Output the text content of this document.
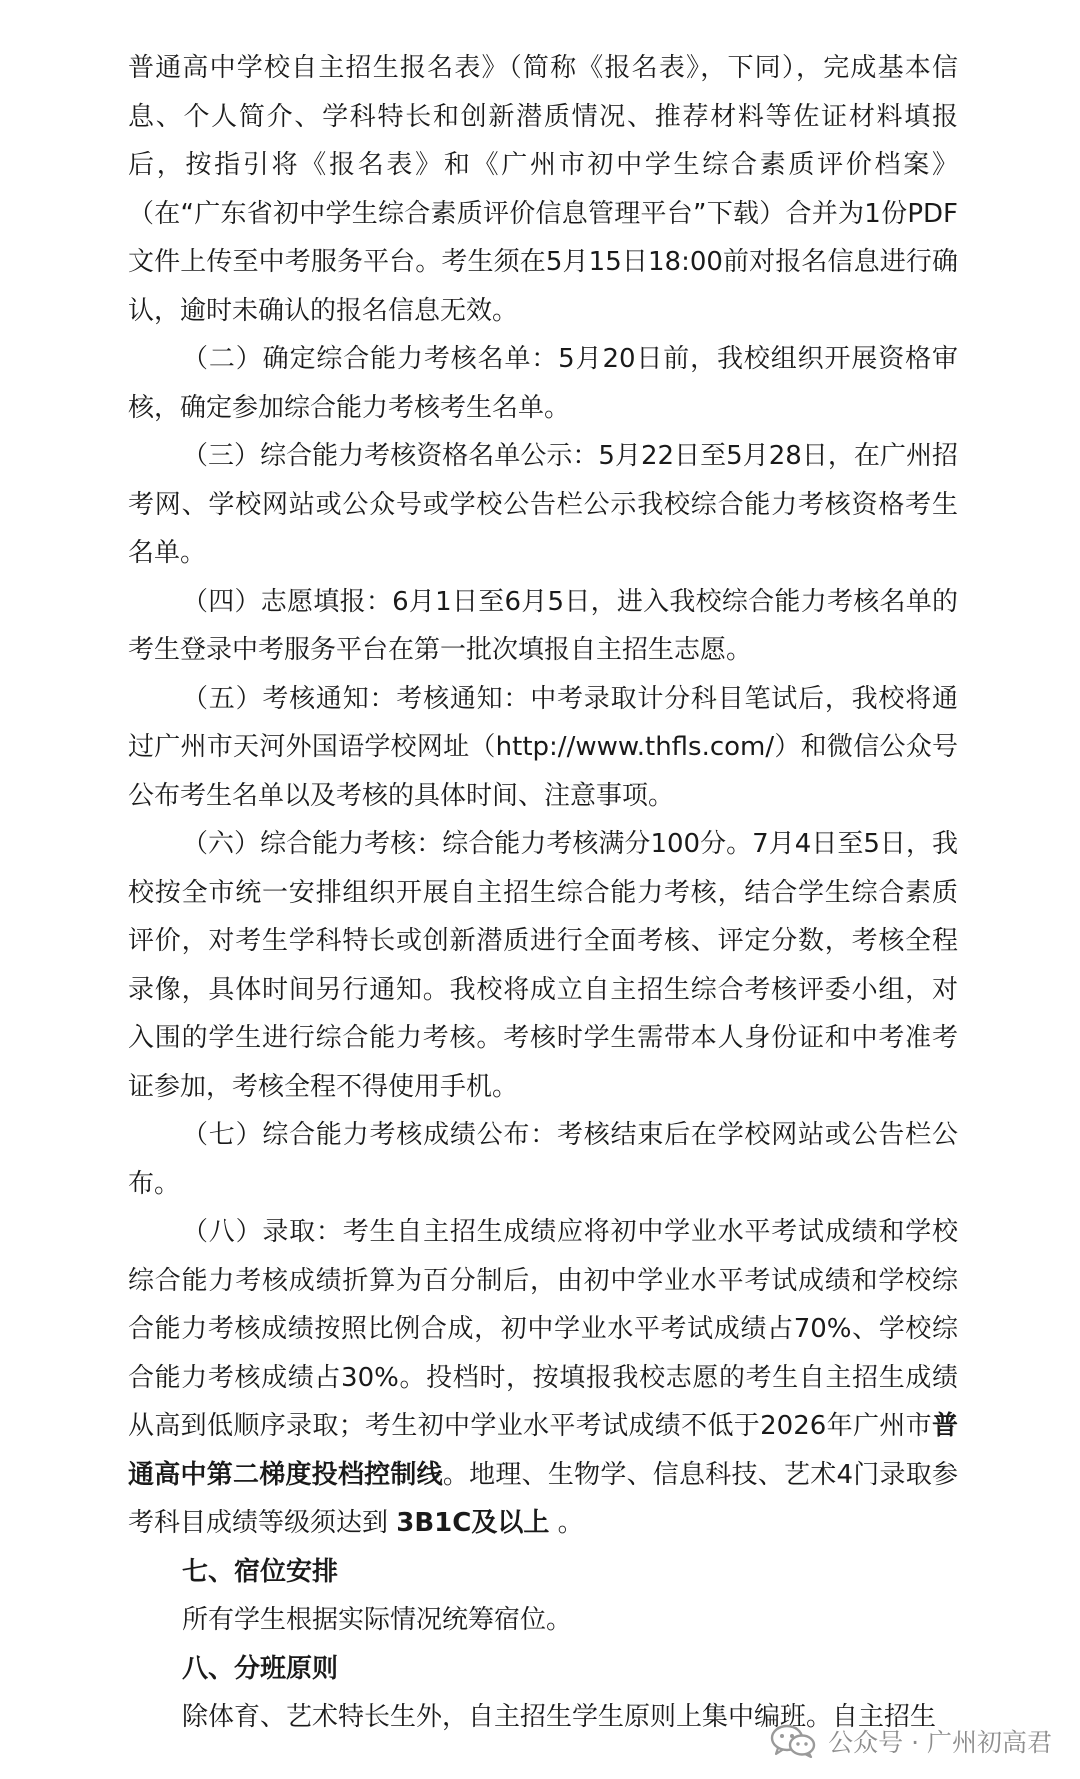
普通高中学校自主招生报名表》（简称《报名表》，下同），完成基本信息、个人简介、学科特长和创新潜质情况、推荐材料等佐证材料填报后，按指引将《报名表》和《广州市初中学生综合素质评价档案》（在“广东省初中学生综合素质评价信息管理平台”下载）合并为1份PDF文件上传至中考服务平台。考生须在5月15日18:00前对报名信息进行确认，逾时未确认的报名信息无效。

（二）确定综合能力考核名单：5月20日前，我校组织开展资格审核，确定参加综合能力考核考生名单。

（三）综合能力考核资格名单公示：5月22日至5月28日，在广州招考网、学校网站或公众号或学校公告栏公示我校综合能力考核资格考生名单。

（四）志愿填报：6月1日至6月5日，进入我校综合能力考核名单的考生登录中考服务平台在第一批次填报自主招生志愿。

（五）考核通知：考核通知：中考录取计分科目笔试后，我校将通过广州市天河外国语学校网址（http://www.thfls.com/）和微信公众号公布考生名单以及考核的具体时间、注意事项。

（六）综合能力考核：综合能力考核满分100分。7月4日至5日，我校按全市统一安排组织开展自主招生综合能力考核，结合学生综合素质评价，对考生学科特长或创新潜质进行全面考核、评定分数，考核全程录像，具体时间另行通知。我校将成立自主招生综合考核评委小组，对入围的学生进行综合能力考核。考核时学生需带本人身份证和中考准考证参加，考核全程不得使用手机。

（七）综合能力考核成绩公布：考核结束后在学校网站或公告栏公布。

（八）录取：考生自主招生成绩应将初中学业水平考试成绩和学校综合能力考核成绩折算为百分制后，由初中学业水平考试成绩和学校综合能力考核成绩按照比例合成，初中学业水平考试成绩占70%、学校综合能力考核成绩占30%。投档时，按填报我校志愿的考生自主招生成绩从高到低顺序录取；考生初中学业水平考试成绩不低于2026年广州市普通高中第二梯度投档控制线。地理、生物学、信息科技、艺术4门录取参考科目成绩等级须达到 3B1C及以上 。

七、宿位安排

所有学生根据实际情况统筹宿位。

八、分班原则

除体育、艺术特长生外，自主招生学生原则上集中编班。自主招生

公众号 · 广州初高君
